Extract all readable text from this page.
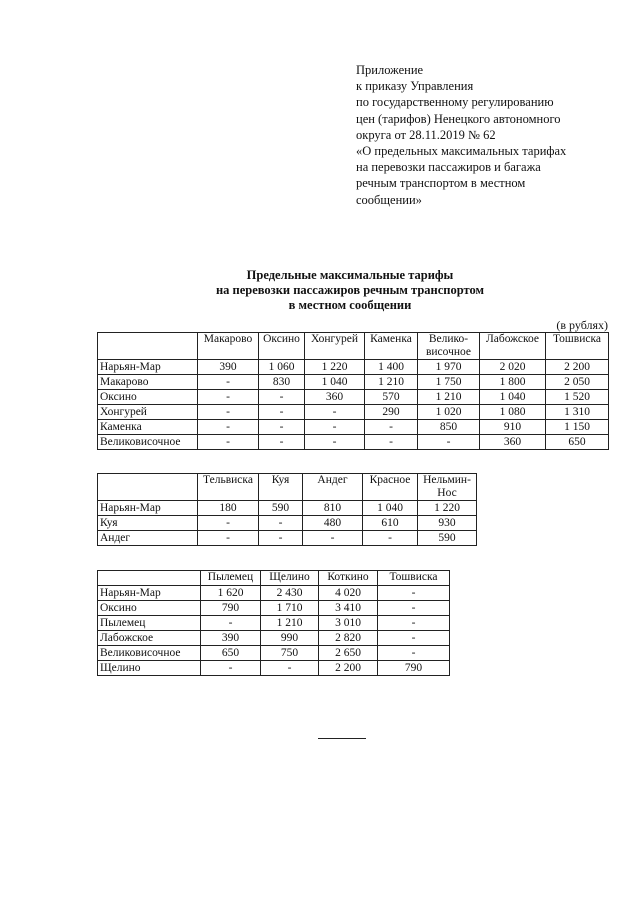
Приложение
к приказу Управления
по государственному регулированию
цен (тарифов) Ненецкого автономного
округа от 28.11.2019 № 62
«О предельных максимальных тарифах
на перевозки пассажиров и багажа
речным транспортом в местном
сообщении»
Предельные максимальные тарифы
на перевозки пассажиров речным транспортом
в местном сообщении
(в рублях)
	Макарово	Оксино	Хонгурей	Каменка	Велико-височное	Лабожское	Тошвиска
Нарьян-Мар	390	1 060	1 220	1 400	1 970	2 020	2 200
Макарово	-	830	1 040	1 210	1 750	1 800	2 050
Оксино	-	-	360	570	1 210	1 040	1 520
Хонгурей	-	-	-	290	1 020	1 080	1 310
Каменка	-	-	-	-	850	910	1 150
Великовисочное	-	-	-	-	-	360	650
	Тельвиска	Куя	Андег	Красное	Нельмин-Нос
Нарьян-Мар	180	590	810	1 040	1 220
Куя	-	-	480	610	930
Андег	-	-	-	-	590
	Пылемец	Щелино	Коткино	Тошвиска
Нарьян-Мар	1 620	2 430	4 020	-
Оксино	790	1 710	3 410	-
Пылемец	-	1 210	3 010	-
Лабожское	390	990	2 820	-
Великовисочное	650	750	2 650	-
Щелино	-	-	2 200	790
